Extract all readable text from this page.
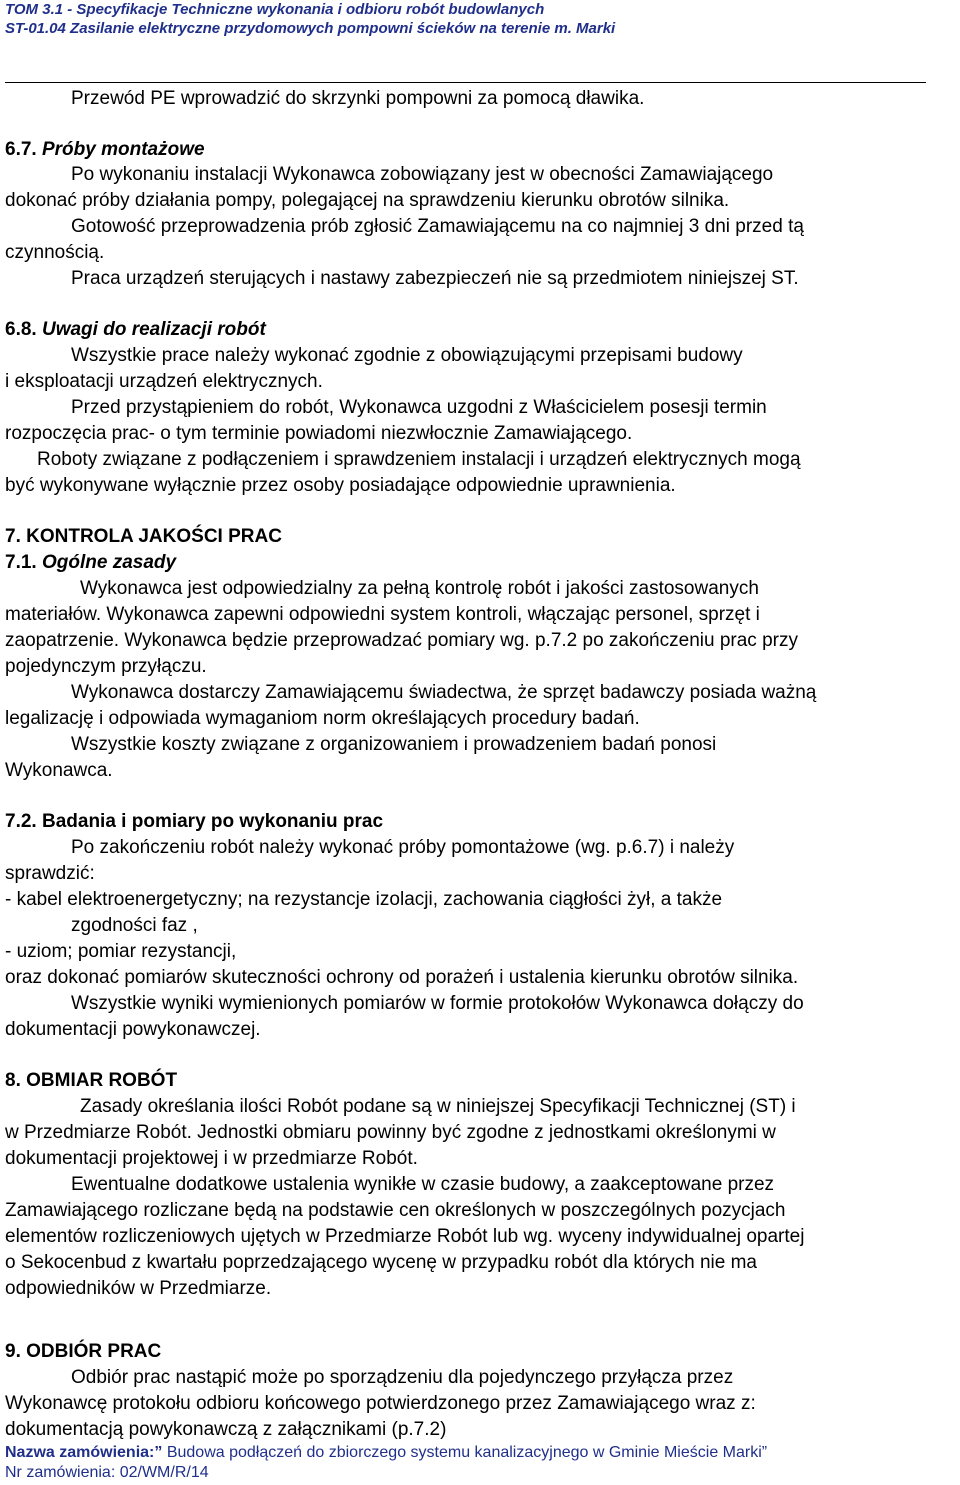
TOM 3.1 - Specyfikacje Techniczne wykonania i odbioru robót budowlanych
ST-01.04 Zasilanie elektryczne przydomowych pompowni ścieków na terenie m. Marki
Przewód PE wprowadzić do skrzynki pompowni za pomocą dławika.
6.7. Próby montażowe
Po wykonaniu instalacji Wykonawca zobowiązany jest w obecności Zamawiającego
dokonać próby działania pompy, polegającej na sprawdzeniu kierunku obrotów silnika.
Gotowość przeprowadzenia prób zgłosić Zamawiającemu na co najmniej 3 dni przed tą
czynnością.
Praca urządzeń sterujących i nastawy zabezpieczeń nie są przedmiotem niniejszej ST.
6.8. Uwagi do realizacji robót
Wszystkie prace należy wykonać zgodnie z obowiązującymi przepisami budowy
i eksploatacji urządzeń elektrycznych.
Przed przystąpieniem do robót, Wykonawca uzgodni z Właścicielem posesji termin
rozpoczęcia prac- o tym terminie powiadomi niezwłocznie Zamawiającego.
Roboty związane z podłączeniem i sprawdzeniem instalacji i urządzeń elektrycznych mogą
być wykonywane wyłącznie przez osoby posiadające odpowiednie uprawnienia.
7. KONTROLA JAKOŚCI PRAC
7.1. Ogólne zasady
Wykonawca jest odpowiedzialny za pełną kontrolę robót i jakości zastosowanych
materiałów. Wykonawca zapewni odpowiedni system kontroli, włączając personel, sprzęt i
zaopatrzenie. Wykonawca będzie przeprowadzać pomiary wg. p.7.2 po zakończeniu prac przy
pojedynczym przyłączu.
Wykonawca dostarczy Zamawiającemu świadectwa, że sprzęt badawczy posiada ważną
legalizację i odpowiada wymaganiom norm określających procedury badań.
Wszystkie koszty związane z organizowaniem i prowadzeniem badań ponosi
Wykonawca.
7.2. Badania i pomiary po wykonaniu prac
Po zakończeniu robót należy wykonać próby pomontażowe (wg. p.6.7) i należy
sprawdzić:
- kabel elektroenergetyczny; na rezystancje izolacji, zachowania ciągłości żył, a także
zgodności faz ,
- uziom; pomiar rezystancji,
oraz dokonać pomiarów skuteczności ochrony od porażeń i ustalenia kierunku obrotów silnika.
Wszystkie wyniki wymienionych pomiarów w formie protokołów Wykonawca dołączy do
dokumentacji powykonawczej.
8. OBMIAR ROBÓT
Zasady określania ilości Robót podane są w niniejszej Specyfikacji Technicznej (ST) i
w Przedmiarze Robót. Jednostki obmiaru powinny być zgodne z jednostkami określonymi w
dokumentacji projektowej i w przedmiarze Robót.
Ewentualne dodatkowe ustalenia wynikłe w czasie budowy, a zaakceptowane przez
Zamawiającego rozliczane będą na podstawie cen określonych w poszczególnych pozycjach
elementów rozliczeniowych ujętych w Przedmiarze Robót lub wg. wyceny indywidualnej opartej
o Sekocenbud z kwartału poprzedzającego wycenę w przypadku robót dla których nie ma
odpowiedników w Przedmiarze.
9. ODBIÓR PRAC
Odbiór prac nastąpić może po sporządzeniu dla pojedynczego przyłącza przez
Wykonawcę protokołu odbioru końcowego potwierdzonego przez Zamawiającego wraz z:
dokumentacją powykonawczą z załącznikami (p.7.2)
Nazwa zamówienia:” Budowa podłączeń do zbiorczego systemu kanalizacyjnego w Gminie Mieście Marki”
Nr zamówienia: 02/WM/R/14
